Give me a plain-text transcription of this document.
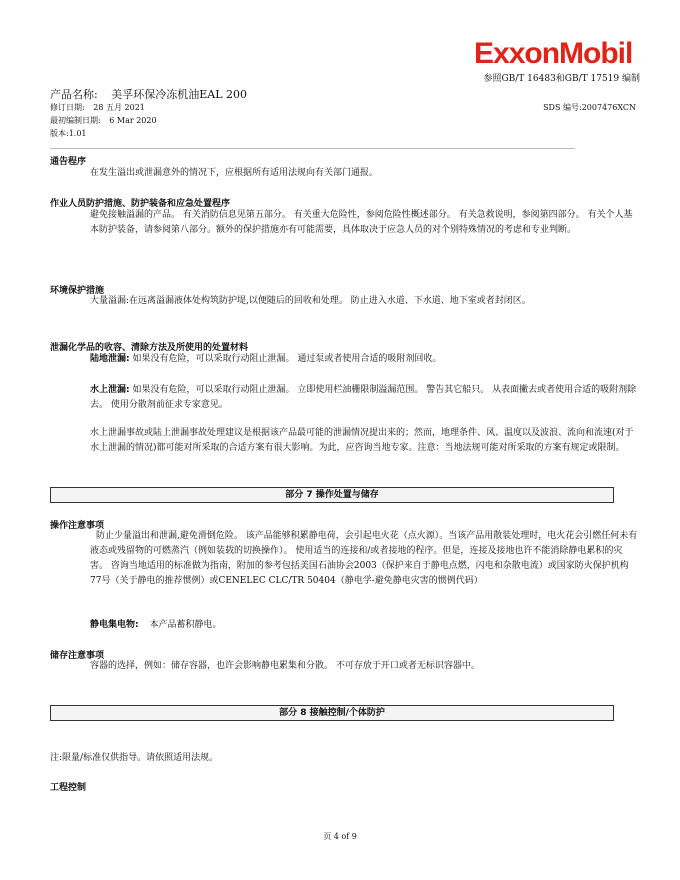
ExxonMobil
参照GB/T 16483和GB/T 17519 编制
产品名称: 美孚环保冷冻机油EAL 200
修订日期: 28 五月 2021	SDS 编号:2007476XCN
最初编制日期: 6 Mar 2020
版本:1.01
通告程序
在发生溢出或泄漏意外的情况下，应根据所有适用法规向有关部门通报。
作业人员防护措施、防护装备和应急处置程序
避免接触溢漏的产品。 有关消防信息见第五部分。 有关重大危险性，参阅危险性概述部分。 有关急救说明，参阅第四部分。 有关个人基本防护装备，请参阅第八部分。额外的保护措施亦有可能需要，具体取决于应急人员的对个别特殊情况的考虑和专业判断。
环境保护措施
大量溢漏:在远离溢漏液体处构筑防护堤,以便随后的回收和处理。 防止进入水道、下水道、地下室或者封闭区。
泄漏化学品的收容、清除方法及所使用的处置材料
陆地泄漏: 如果没有危险，可以采取行动阻止泄漏。 通过泵或者使用合适的吸附剂回收。
水上泄漏: 如果没有危险，可以采取行动阻止泄漏。 立即使用栏油栅限制溢漏范围。 警告其它船只。 从表面撇去或者使用合适的吸附剂除去。 使用分散剂前征求专家意见。
水上泄漏事故或陆上泄漏事故处理建议是根据该产品最可能的泄漏情况提出来的；然而，地理条件、风、温度以及波浪、流向和流速(对于水上泄漏的情况)都可能对所采取的合适方案有很大影响。为此，应咨询当地专家。注意：当地法规可能对所采取的方案有规定或限制。
部分 7 操作处置与储存
操作注意事项
防止少量溢出和泄漏,避免滑倒危险。 该产品能够积累静电荷，会引起电火花（点火源）。当该产品用散装处理时，电火花会引燃任何未有液态或残留物的可燃蒸汽（例如装载的切换操作）。 使用适当的连接和/或者接地的程序。但是，连接及接地也许不能消除静电累积的灾害。 咨询当地适用的标准做为指南，附加的参考包括美国石油协会2003（保护来自于静电点燃，闪电和杂散电流）或国家防火保护机构77号（关于静电的推荐惯例）或CENELEC CLC/TR 50404（静电学-避免静电灾害的惯例代码）
静电集电物: 本产品蓄积静电。
储存注意事项
容器的选择，例如：储存容器，也许会影响静电累集和分散。 不可存放于开口或者无标识容器中。
部分 8 接触控制/个体防护
注:限量/标准仅供指导。请依照适用法规。
工程控制
页 4 of 9
